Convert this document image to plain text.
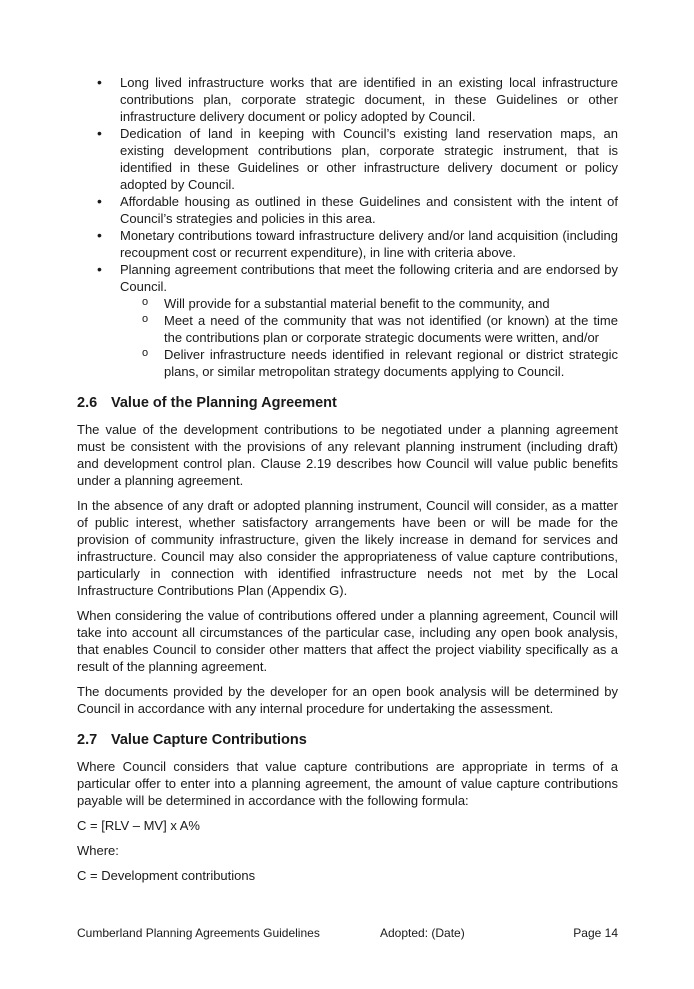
• Long lived infrastructure works that are identified in an existing local infrastructure contributions plan, corporate strategic document, in these Guidelines or other infrastructure delivery document or policy adopted by Council.
• Dedication of land in keeping with Council’s existing land reservation maps, an existing development contributions plan, corporate strategic instrument, that is identified in these Guidelines or other infrastructure delivery document or policy adopted by Council.
• Affordable housing as outlined in these Guidelines and consistent with the intent of Council’s strategies and policies in this area.
• Monetary contributions toward infrastructure delivery and/or land acquisition (including recoupment cost or recurrent expenditure), in line with criteria above.
• Planning agreement contributions that meet the following criteria and are endorsed by Council.
o Will provide for a substantial material benefit to the community, and
o Meet a need of the community that was not identified (or known) at the time the contributions plan or corporate strategic documents were written, and/or
o Deliver infrastructure needs identified in relevant regional or district strategic plans, or similar metropolitan strategy documents applying to Council.
2.6 Value of the Planning Agreement

The value of the development contributions to be negotiated under a planning agreement must be consistent with the provisions of any relevant planning instrument (including draft) and development control plan. Clause 2.19 describes how Council will value public benefits under a planning agreement.

In the absence of any draft or adopted planning instrument, Council will consider, as a matter of public interest, whether satisfactory arrangements have been or will be made for the provision of community infrastructure, given the likely increase in demand for services and infrastructure. Council may also consider the appropriateness of value capture contributions, particularly in connection with identified infrastructure needs not met by the Local Infrastructure Contributions Plan (Appendix G).

When considering the value of contributions offered under a planning agreement, Council will take into account all circumstances of the particular case, including any open book analysis, that enables Council to consider other matters that affect the project viability specifically as a result of the planning agreement.

The documents provided by the developer for an open book analysis will be determined by Council in accordance with any internal procedure for undertaking the assessment.

2.7 Value Capture Contributions

Where Council considers that value capture contributions are appropriate in terms of a particular offer to enter into a planning agreement, the amount of value capture contributions payable will be determined in accordance with the following formula:

C = [RLV – MV] x A%

Where:

C = Development contributions

Cumberland Planning Agreements Guidelines	Adopted: (Date)	Page 14
